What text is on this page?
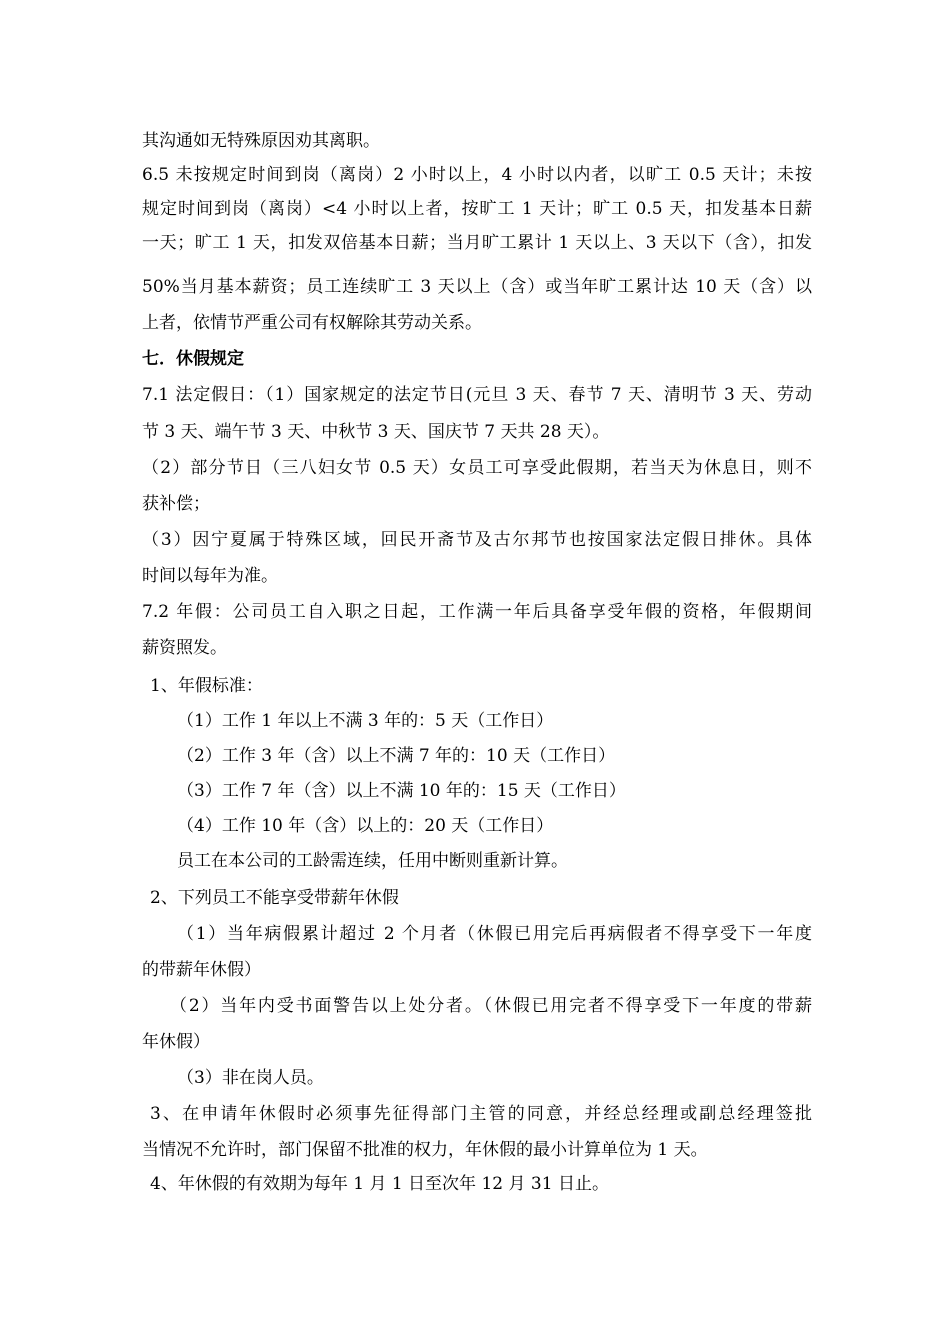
其沟通如无特殊原因劝其离职。
6.5 未按规定时间到岗（离岗）2 小时以上，4 小时以内者，以旷工 0.5 天计；未按
规定时间到岗（离岗）<4 小时以上者，按旷工 1 天计；旷工 0.5 天，扣发基本日薪
一天；旷工 1 天，扣发双倍基本日薪；当月旷工累计 1 天以上、3 天以下（含），扣发
50%当月基本薪资；员工连续旷工 3 天以上（含）或当年旷工累计达 10 天（含）以
上者，依情节严重公司有权解除其劳动关系。
七．休假规定
7.1 法定假日：（1）国家规定的法定节日(元旦 3 天、春节 7 天、清明节 3 天、劳动
节 3 天、端午节 3 天、中秋节 3 天、国庆节 7 天共 28 天）。
（2）部分节日（三八妇女节 0.5 天）女员工可享受此假期，若当天为休息日，则不
获补偿；
（3）因宁夏属于特殊区域，回民开斋节及古尔邦节也按国家法定假日排休。具体
时间以每年为准。
7.2 年假：公司员工自入职之日起，工作满一年后具备享受年假的资格，年假期间
薪资照发。
1、年假标准：
（1）工作 1 年以上不满 3 年的：5 天（工作日）
（2）工作 3 年（含）以上不满 7 年的：10 天（工作日）
（3）工作 7 年（含）以上不满 10 年的：15 天（工作日）
（4）工作 10 年（含）以上的：20 天（工作日）
员工在本公司的工龄需连续，任用中断则重新计算。
2、下列员工不能享受带薪年休假
（1）当年病假累计超过 2 个月者（休假已用完后再病假者不得享受下一年度
的带薪年休假）
（2）当年内受书面警告以上处分者。（休假已用完者不得享受下一年度的带薪
年休假）
（3）非在岗人员。
3、在申请年休假时必须事先征得部门主管的同意，并经总经理或副总经理签批
当情况不允许时，部门保留不批准的权力，年休假的最小计算单位为 1 天。
4、年休假的有效期为每年 1 月 1 日至次年 12 月 31 日止。
